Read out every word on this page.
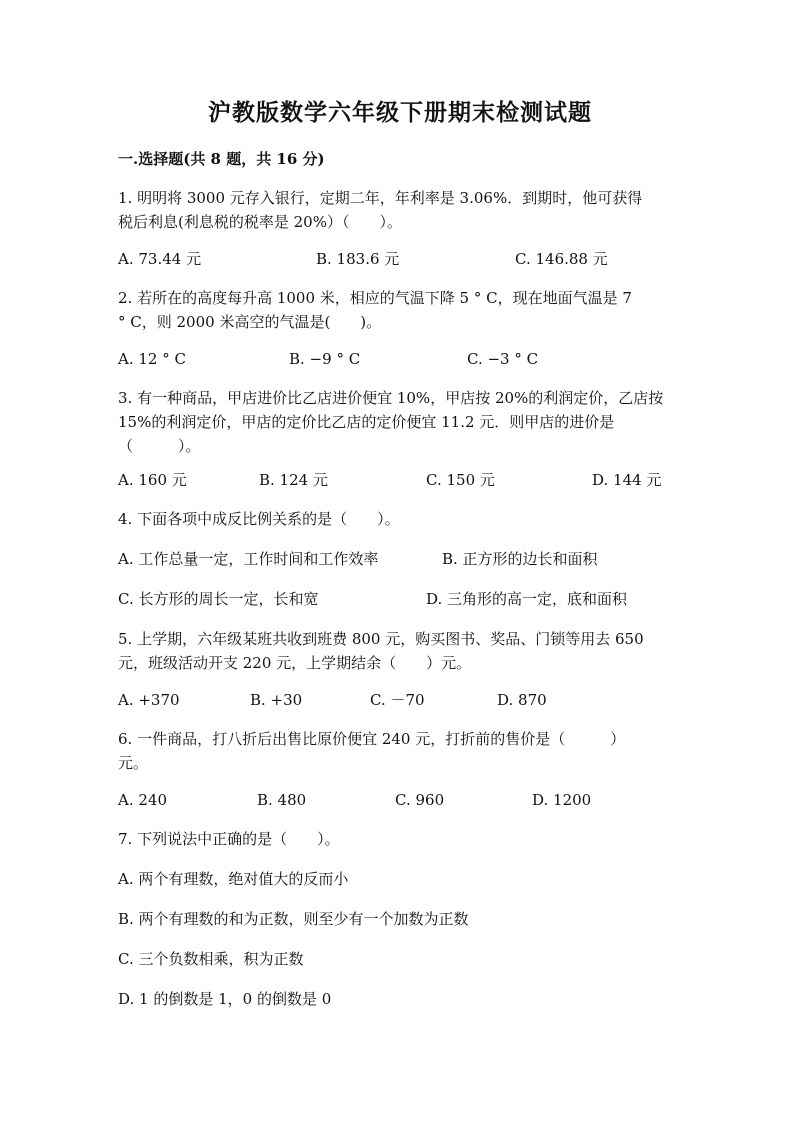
沪教版数学六年级下册期末检测试题
一.选择题(共 8 题，共 16 分)
1. 明明将 3000 元存入银行，定期二年，年利率是 3.06%．到期时，他可获得
税后利息(利息税的税率是 20%）（　　）。
A. 73.44 元	B. 183.6 元	C. 146.88 元
2. 若所在的高度每升高 1000 米，相应的气温下降 5 ° C，现在地面气温是 7
° C，则 2000 米高空的气温是(　　)。
A. 12 ° C	B. −9 ° C	C. −3 ° C
3. 有一种商品，甲店进价比乙店进价便宜 10%，甲店按 20%的利润定价，乙店按
15%的利润定价，甲店的定价比乙店的定价便宜 11.2 元．则甲店的进价是
（　　　）。
A. 160 元	B. 124 元	C. 150 元	D. 144 元
4. 下面各项中成反比例关系的是（　　）。
A. 工作总量一定，工作时间和工作效率	B. 正方形的边长和面积
C. 长方形的周长一定，长和宽	D. 三角形的高一定，底和面积
5. 上学期，六年级某班共收到班费 800 元，购买图书、奖品、门锁等用去 650
元，班级活动开支 220 元，上学期结余（　　）元。
A. +370	B. +30	C. －70	D. 870
6. 一件商品，打八折后出售比原价便宜 240 元，打折前的售价是（　　　）
元。
A. 240	B. 480	C. 960	D. 1200
7. 下列说法中正确的是（　　）。
A. 两个有理数，绝对值大的反而小
B. 两个有理数的和为正数，则至少有一个加数为正数
C. 三个负数相乘，积为正数
D. 1 的倒数是 1，0 的倒数是 0
